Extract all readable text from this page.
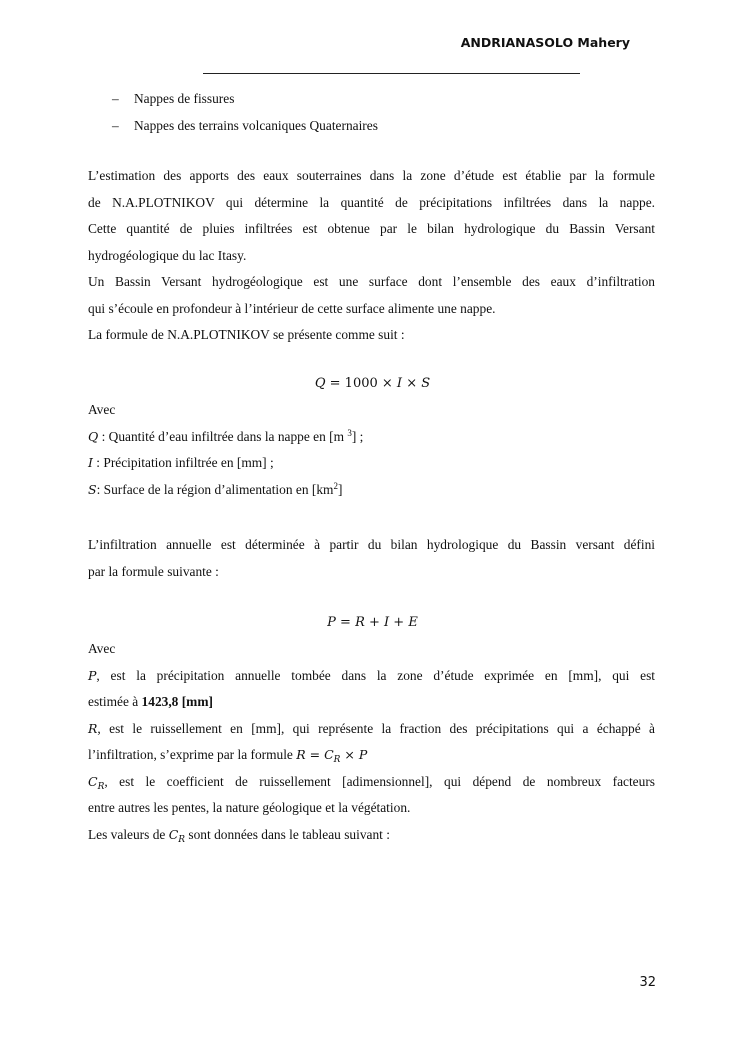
ANDRIANASOLO Mahery
– Nappes de fissures
– Nappes des terrains volcaniques Quaternaires
L’estimation des apports des eaux souterraines dans la zone d’étude est établie par la formule
de N.A.PLOTNIKOV qui détermine la quantité de précipitations infiltrées dans la nappe.
Cette quantité de pluies infiltrées est obtenue par le bilan hydrologique du Bassin Versant
hydrogéologique du lac Itasy.
Un Bassin Versant hydrogéologique est une surface dont l’ensemble des eaux d’infiltration
qui s’écoule en profondeur à l’intérieur de cette surface alimente une nappe.
La formule de N.A.PLOTNIKOV se présente comme suit :
Q = 1000 × I × S
Avec
Q : Quantité d’eau infiltrée dans la nappe en [m $^3$] ;
I : Précipitation infiltrée en [mm] ;
S: Surface de la région d’alimentation en $[km^2]$
L’infiltration annuelle est déterminée à partir du bilan hydrologique du Bassin versant défini
par la formule suivante :
P = R + I + E
Avec
P, est la précipitation annuelle tombée dans la zone d’étude exprimée en [mm], qui est
estimée à 1423,8 [mm]
R, est le ruissellement en [mm], qui représente la fraction des précipitations qui a échappé à
l’infiltration, s’exprime par la formule $R = C_R \times P$
$C_R$, est le coefficient de ruissellement [adimensionnel], qui dépend de nombreux facteurs
entre autres les pentes, la nature géologique et la végétation.
Les valeurs de $C_R$ sont données dans le tableau suivant :
32
